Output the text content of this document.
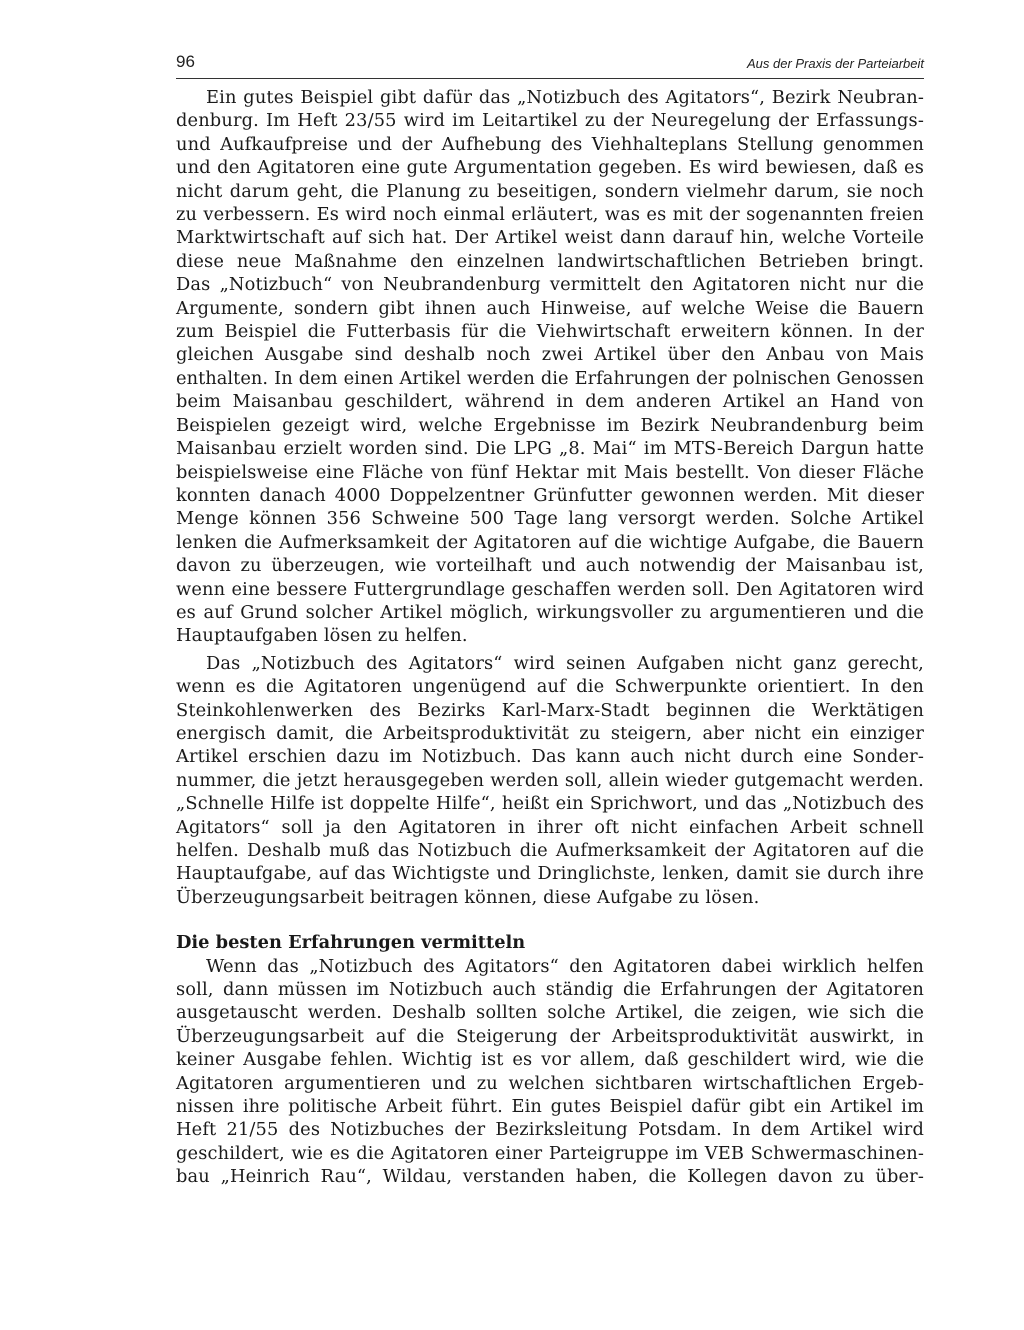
96	Aus der Praxis der Parteiarbeit

Ein gutes Beispiel gibt dafür das „Notizbuch des Agitators“, Bezirk Neubran-

denburg. Im Heft 23/55 wird im Leitartikel zu der Neuregelung der Erfassungs-

und Aufkaufpreise und der Aufhebung des Viehhalteplans Stellung genommen

und den Agitatoren eine gute Argumentation gegeben. Es wird bewiesen, daß es

nicht darum geht, die Planung zu beseitigen, sondern vielmehr darum, sie noch

zu verbessern. Es wird noch einmal erläutert, was es mit der sogenannten freien

Marktwirtschaft auf sich hat. Der Artikel weist dann darauf hin, welche Vorteile

diese neue Maßnahme den einzelnen landwirtschaftlichen Betrieben bringt.

Das „Notizbuch“ von Neubrandenburg vermittelt den Agitatoren nicht nur die

Argumente, sondern gibt ihnen auch Hinweise, auf welche Weise die Bauern

zum Beispiel die Futterbasis für die Viehwirtschaft erweitern können. In der

gleichen Ausgabe sind deshalb noch zwei Artikel über den Anbau von Mais

enthalten. In dem einen Artikel werden die Erfahrungen der polnischen Genossen

beim Maisanbau geschildert, während in dem anderen Artikel an Hand von

Beispielen gezeigt wird, welche Ergebnisse im Bezirk Neubrandenburg beim

Maisanbau erzielt worden sind. Die LPG „8. Mai“ im MTS-Bereich Dargun hatte

beispielsweise eine Fläche von fünf Hektar mit Mais bestellt. Von dieser Fläche

konnten danach 4000 Doppelzentner Grünfutter gewonnen werden. Mit dieser

Menge können 356 Schweine 500 Tage lang versorgt werden. Solche Artikel

lenken die Aufmerksamkeit der Agitatoren auf die wichtige Aufgabe, die Bauern

davon zu überzeugen, wie vorteilhaft und auch notwendig der Maisanbau ist,

wenn eine bessere Futtergrundlage geschaffen werden soll. Den Agitatoren wird

es auf Grund solcher Artikel möglich, wirkungsvoller zu argumentieren und die

Hauptaufgaben lösen zu helfen.

Das „Notizbuch des Agitators“ wird seinen Aufgaben nicht ganz gerecht,

wenn es die Agitatoren ungenügend auf die Schwerpunkte orientiert. In den

Steinkohlenwerken des Bezirks Karl-Marx-Stadt beginnen die Werktätigen

energisch damit, die Arbeitsproduktivität zu steigern, aber nicht ein einziger

Artikel erschien dazu im Notizbuch. Das kann auch nicht durch eine Sonder-

nummer, die jetzt herausgegeben werden soll, allein wieder gutgemacht werden.

„Schnelle Hilfe ist doppelte Hilfe“, heißt ein Sprichwort, und das „Notizbuch des

Agitators“ soll ja den Agitatoren in ihrer oft nicht einfachen Arbeit schnell

helfen. Deshalb muß das Notizbuch die Aufmerksamkeit der Agitatoren auf die

Hauptaufgabe, auf das Wichtigste und Dringlichste, lenken, damit sie durch ihre

Überzeugungsarbeit beitragen können, diese Aufgabe zu lösen.

Die besten Erfahrungen vermitteln

Wenn das „Notizbuch des Agitators“ den Agitatoren dabei wirklich helfen

soll, dann müssen im Notizbuch auch ständig die Erfahrungen der Agitatoren

ausgetauscht werden. Deshalb sollten solche Artikel, die zeigen, wie sich die

Überzeugungsarbeit auf die Steigerung der Arbeitsproduktivität auswirkt, in

keiner Ausgabe fehlen. Wichtig ist es vor allem, daß geschildert wird, wie die

Agitatoren argumentieren und zu welchen sichtbaren wirtschaftlichen Ergeb-

nissen ihre politische Arbeit führt. Ein gutes Beispiel dafür gibt ein Artikel im

Heft 21/55 des Notizbuches der Bezirksleitung Potsdam. In dem Artikel wird

geschildert, wie es die Agitatoren einer Parteigruppe im VEB Schwermaschinen-

bau „Heinrich Rau“, Wildau, verstanden haben, die Kollegen davon zu über-
